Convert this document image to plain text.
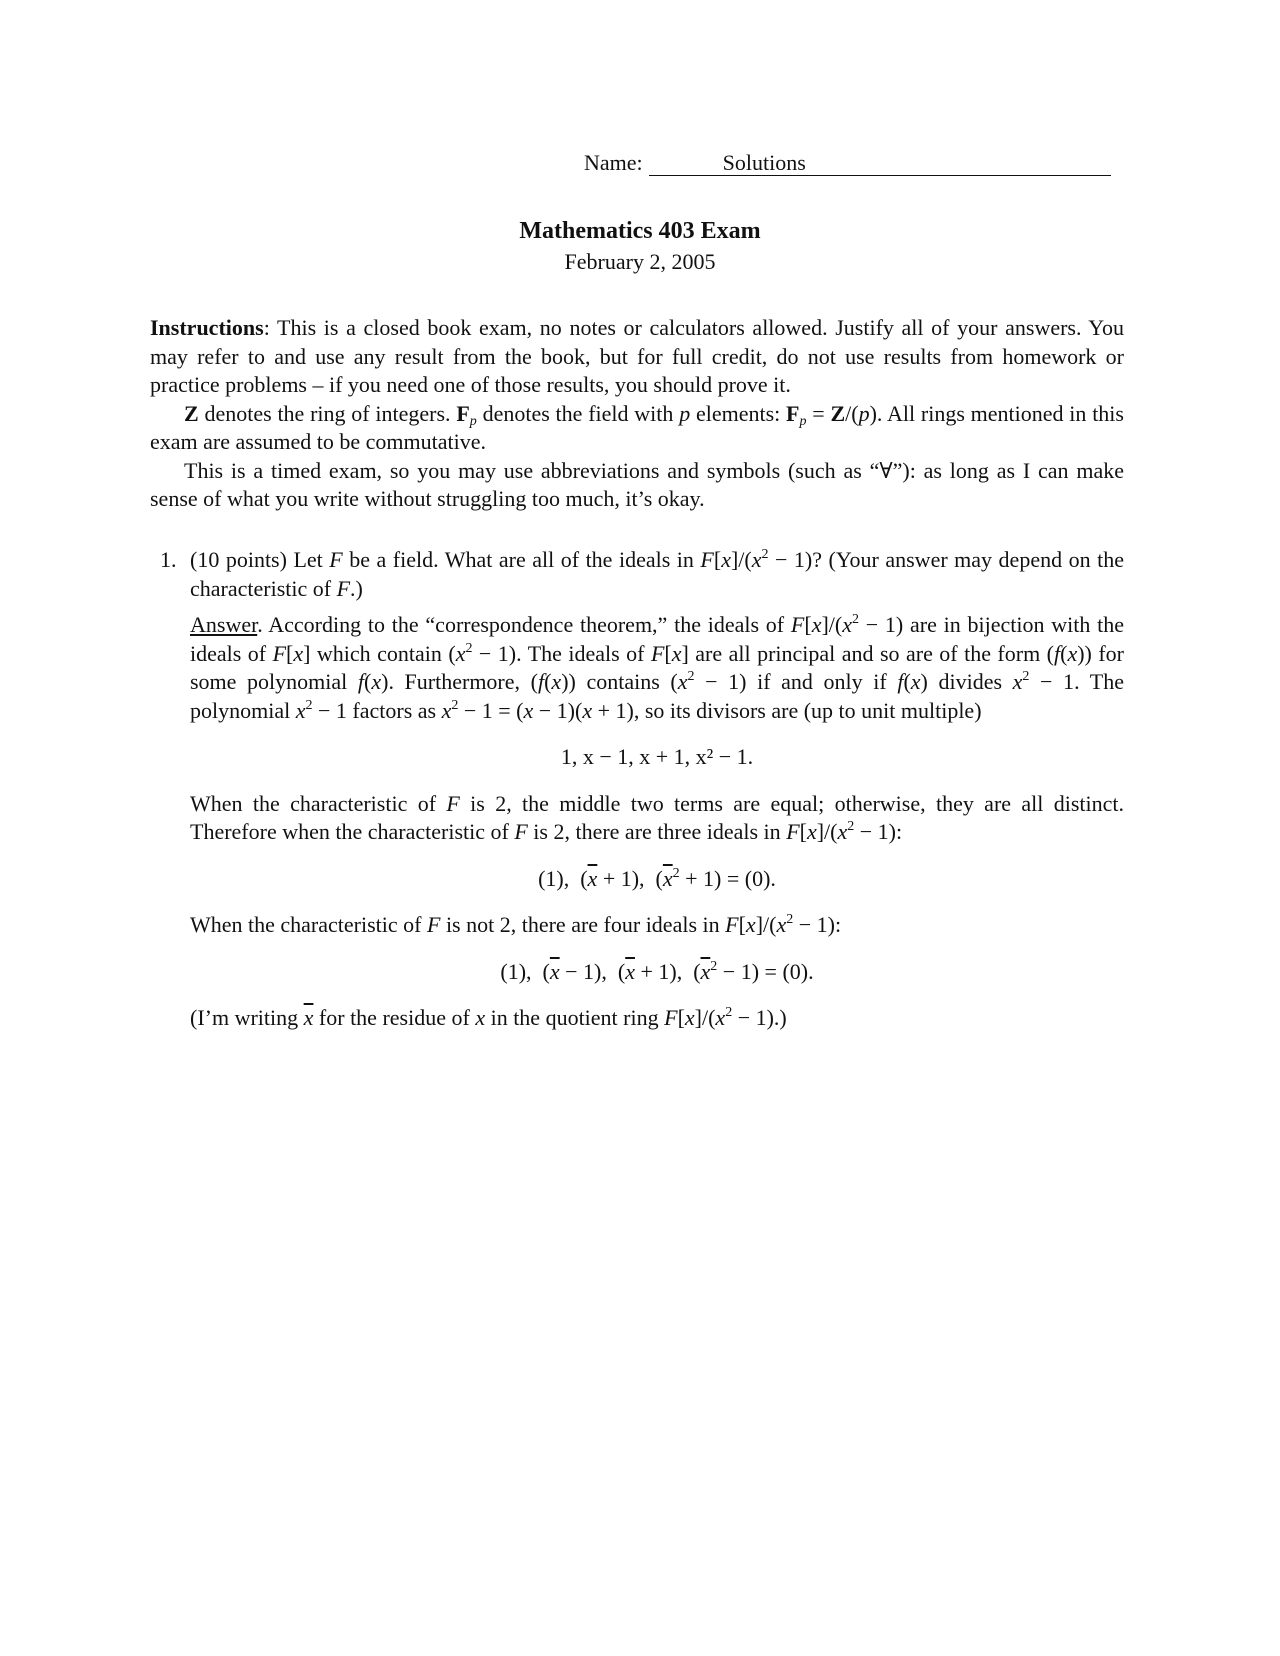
Name:	Solutions
Mathematics 403 Exam
February 2, 2005

Instructions: This is a closed book exam, no notes or calculators allowed. Justify all of your answers. You may refer to and use any result from the book, but for full credit, do not use results from homework or practice problems – if you need one of those results, you should prove it.

Z denotes the ring of integers. $F_p$ denotes the field with p elements: $F_p = Z/(p)$. All rings mentioned in this exam are assumed to be commutative.

This is a timed exam, so you may use abbreviations and symbols (such as “∀”): as long as I can make sense of what you write without struggling too much, it’s okay.

1. (10 points) Let F be a field. What are all of the ideals in $F[x]/(x^2 - 1)$? (Your answer may depend on the characteristic of F.)

Answer. According to the “correspondence theorem,” the ideals of $F[x]/(x^2 - 1)$ are in bijection with the ideals of F[x] which contain $(x^2 - 1)$. The ideals of F[x] are all principal and so are of the form (f(x)) for some polynomial f(x). Furthermore, (f(x)) contains $(x^2 - 1)$ if and only if f(x) divides $x^2 - 1$. The polynomial $x^2 - 1$ factors as $x^2 - 1 = (x - 1)(x + 1)$, so its divisors are (up to unit multiple)

1, x − 1, x + 1, x² − 1.

When the characteristic of F is 2, the middle two terms are equal; otherwise, they are all distinct. Therefore when the characteristic of F is 2, there are three ideals in $F[x]/(x^2 - 1)$:

(1),  $(\overline{x} + 1)$,  $(\overline{x}^2 + 1) = (0)$.

When the characteristic of F is not 2, there are four ideals in $F[x]/(x^2 - 1)$:

(1),  $(\overline{x} - 1)$,  $(\overline{x} + 1)$,  $(\overline{x}^2 - 1) = (0)$.

(I’m writing $\overline{x}$ for the residue of x in the quotient ring $F[x]/(x^2 - 1)$.)
